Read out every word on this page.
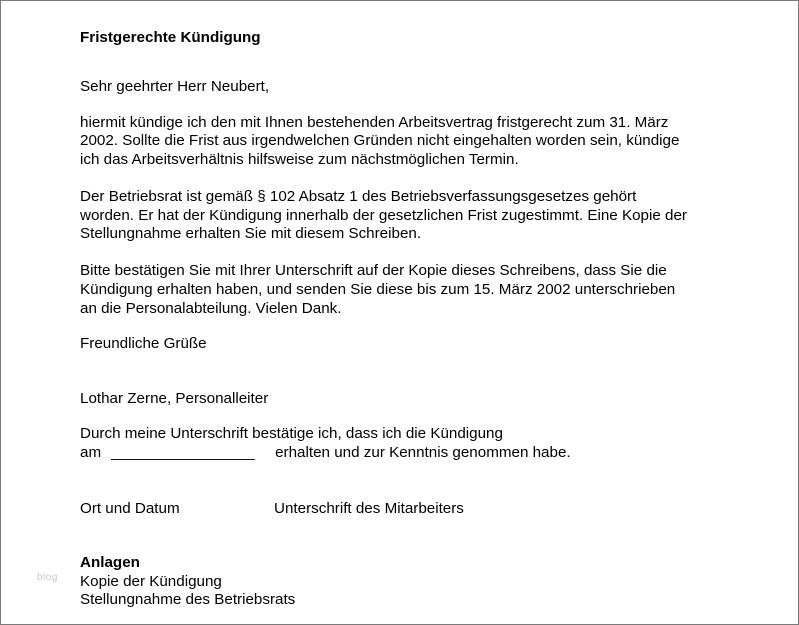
blog

Fristgerechte Kündigung

Sehr geehrter Herr Neubert,

hiermit kündige ich den mit Ihnen bestehenden Arbeitsvertrag fristgerecht zum 31. März

2002. Sollte die Frist aus irgendwelchen Gründen nicht eingehalten worden sein, kündige

ich das Arbeitsverhältnis hilfsweise zum nächstmöglichen Termin.

Der Betriebsrat ist gemäß § 102 Absatz 1 des Betriebsverfassungsgesetzes gehört

worden. Er hat der Kündigung innerhalb der gesetzlichen Frist zugestimmt. Eine Kopie der

Stellungnahme erhalten Sie mit diesem Schreiben.

Bitte bestätigen Sie mit Ihrer Unterschrift auf der Kopie dieses Schreibens, dass Sie die

Kündigung erhalten haben, und senden Sie diese bis zum 15. März 2002 unterschrieben

an die Personalabteilung. Vielen Dank.

Freundliche Grüße

Lothar Zerne, Personalleiter

Durch meine Unterschrift bestätige ich, dass ich die Kündigung

am _________________ erhalten und zur Kenntnis genommen habe.

Ort und Datum	Unterschrift des Mitarbeiters

Anlagen

Kopie der Kündigung

Stellungnahme des Betriebsrats
